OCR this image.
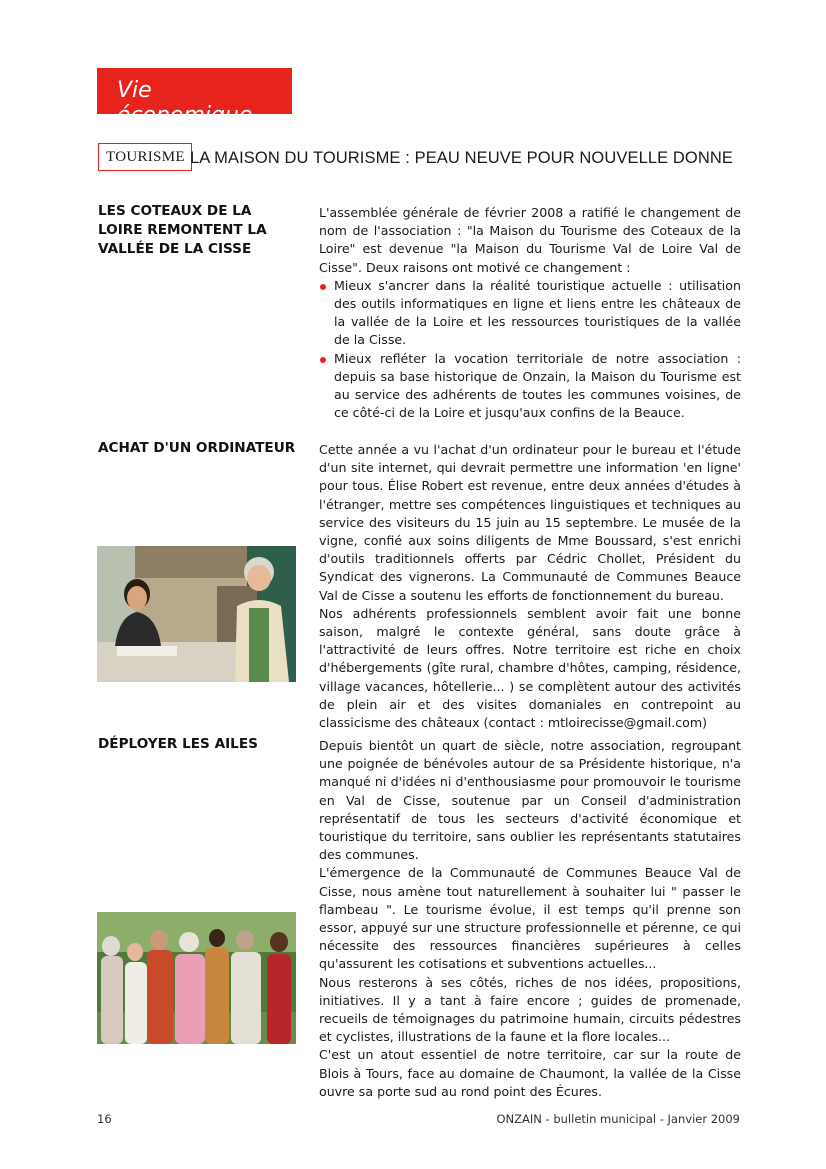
Vie économique
TOURISME LA MAISON DU TOURISME : PEAU NEUVE POUR NOUVELLE DONNE
LES COTEAUX DE LA LOIRE REMONTENT LA VALLÉE DE LA CISSE

L'assemblée générale de février 2008 a ratifié le changement de nom de l'association : "la Maison du Tourisme des Coteaux de la Loire" est devenue "la Maison du Tourisme Val de Loire Val de Cisse". Deux raisons ont motivé ce changement :

Mieux s'ancrer dans la réalité touristique actuelle : utilisation des outils informatiques en ligne et liens entre les châteaux de la vallée de la Loire et les ressources touristiques de la vallée de la Cisse.
Mieux refléter la vocation territoriale de notre association : depuis sa base historique de Onzain, la Maison du Tourisme est au service des adhérents de toutes les communes voisines, de ce côté-ci de la Loire et jusqu'aux confins de la Beauce.
ACHAT D'UN ORDINATEUR	Cette année a vu l'achat d'un ordinateur pour le bureau et l'étude d'un site internet, qui devrait permettre une information 'en ligne' pour tous. Élise Robert est revenue, entre deux années d'études à l'étranger, mettre ses compétences linguistiques et techniques au service des visiteurs du 15 juin au 15 septembre. Le musée de la vigne, confié aux soins diligents de Mme Boussard, s'est enrichi d'outils traditionnels offerts par Cédric Chollet, Président du Syndicat des vignerons. La Communauté de Communes Beauce Val de Cisse a soutenu les efforts de fonctionnement du bureau.

Nos adhérents professionnels semblent avoir fait une bonne saison, malgré le contexte général, sans doute grâce à l'attractivité de leurs offres. Notre territoire est riche en choix d'hébergements (gîte rural, chambre d'hôtes, camping, résidence, village vacances, hôtellerie... ) se complètent autour des activités de plein air et des visites domaniales en contrepoint au classicisme des châteaux (contact : mtloirecisse@gmail.com)

DÉPLOYER LES AILES	Depuis bientôt un quart de siècle, notre association, regroupant une poignée de bénévoles autour de sa Présidente historique, n'a manqué ni d'idées ni d'enthousiasme pour promouvoir le tourisme en Val de Cisse, soutenue par un Conseil d'administration représentatif de tous les secteurs d'activité économique et touristique du territoire, sans oublier les représentants statutaires des communes.

L'émergence de la Communauté de Communes Beauce Val de Cisse, nous amène tout naturellement à souhaiter lui " passer le flambeau ". Le tourisme évolue, il est temps qu'il prenne son essor, appuyé sur une structure professionnelle et pérenne, ce qui nécessite des ressources financières supérieures à celles qu'assurent les cotisations et subventions actuelles...

Nous resterons à ses côtés, riches de nos idées, propositions, initiatives. Il y a tant à faire encore ; guides de promenade, recueils de témoignages du patrimoine humain, circuits pédestres et cyclistes, illustrations de la faune et la flore locales...

C'est un atout essentiel de notre territoire, car sur la route de Blois à Tours, face au domaine de Chaumont, la vallée de la Cisse ouvre sa porte sud au rond point des Écures.

16	ONZAIN - bulletin municipal - Janvier 2009
